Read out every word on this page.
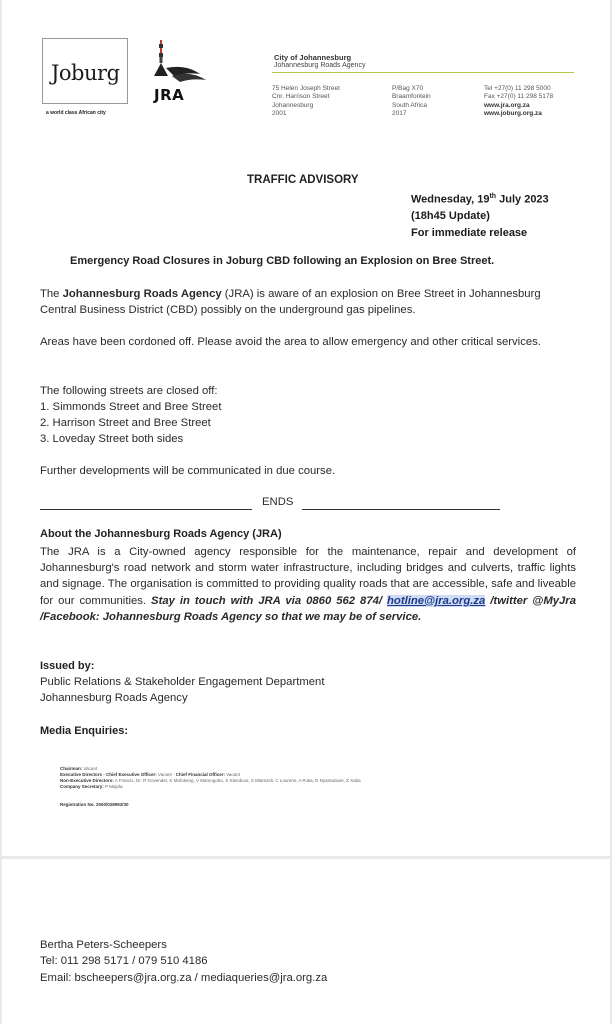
Joburg
a world class African city
JRA
City of Johannesburg
Johannesburg Roads Agency
75 Helen Joseph Street
Cnr. Harrison Street
Johannesburg
2001
P/Bag X70
Braamfontein
South Africa
2017
Tel +27(0) 11 298 5000
Fax +27(0) 11 298 5178
www.jra.org.za
www.joburg.org.za
TRAFFIC ADVISORY
Wednesday, 19th July 2023
(18h45 Update)
For immediate release
Emergency Road Closures in Joburg CBD following an Explosion on Bree Street.
The Johannesburg Roads Agency (JRA) is aware of an explosion on Bree Street in Johannesburg Central Business District (CBD) possibly on the underground gas pipelines.
Areas have been cordoned off. Please avoid the area to allow emergency and other critical services.
The following streets are closed off:
1. Simmonds Street and Bree Street
2. Harrison Street and Bree Street
3. Loveday Street both sides
Further developments will be communicated in due course.
ENDS
About the Johannesburg Roads Agency (JRA)
The JRA is a City-owned agency responsible for the maintenance, repair and development of Johannesburg's road network and storm water infrastructure, including bridges and culverts, traffic lights and signage. The organisation is committed to providing quality roads that are accessible, safe and liveable for our communities. Stay in touch with JRA via 0860 562 874/ hotline@jra.org.za /twitter @MyJra /Facebook: Johannesburg Roads Agency so that we may be of service.
Issued by:
Public Relations & Stakeholder Engagement Department
Johannesburg Roads Agency
Media Enquiries:
Chairman: Vacant
Executive Directors - Chief Executive Officer: Vacant - Chief Financial Officer: Vacant
Non-Executive Directors: A Francis, Dr. R Govender, K Mofokeng, V Mamogobo, S Klembooi, S Mlamzeli, C Lourens, A Puka, D Nyamazane, Z Xaba
Company Secretary: P Majola
Registration No. 2000/028993/30
Bertha Peters-Scheepers
Tel: 011 298 5171 / 079 510 4186
Email: bscheepers@jra.org.za / mediaqueries@jra.org.za
